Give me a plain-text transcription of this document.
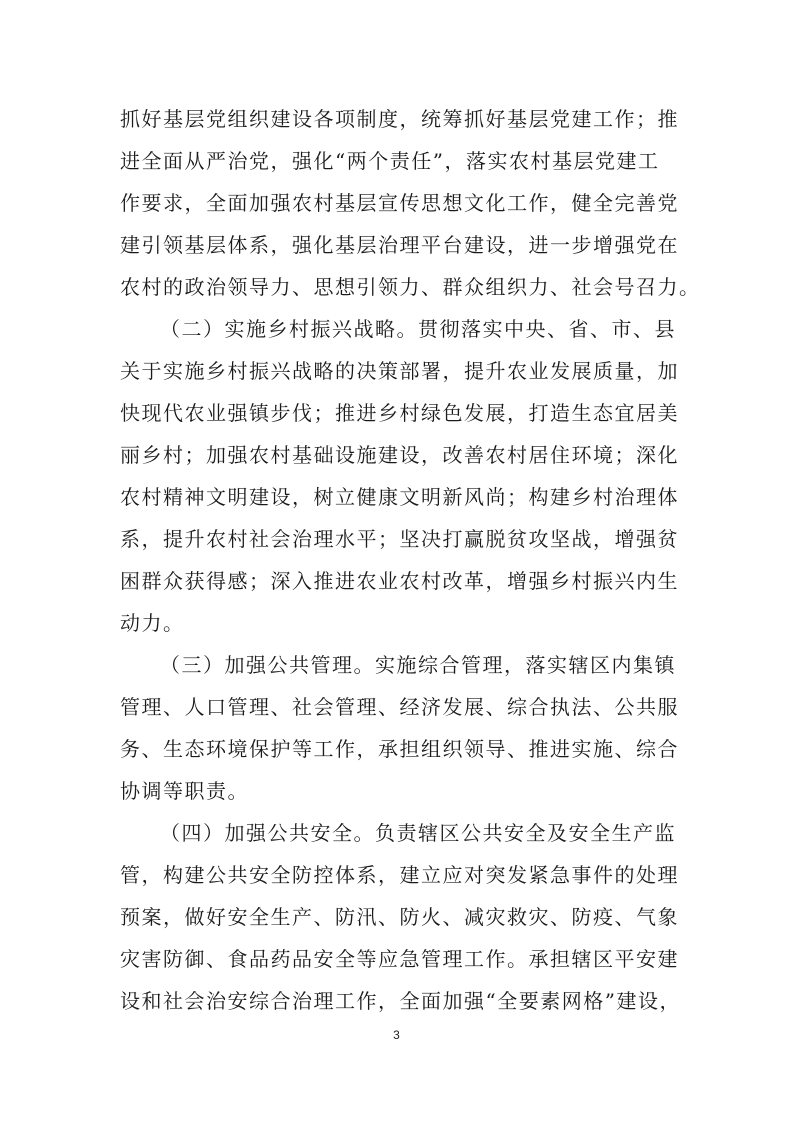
抓好基层党组织建设各项制度，统筹抓好基层党建工作；推
进全面从严治党，强化“两个责任”，落实农村基层党建工
作要求，全面加强农村基层宣传思想文化工作，健全完善党
建引领基层体系，强化基层治理平台建设，进一步增强党在
农村的政治领导力、思想引领力、群众组织力、社会号召力。
（二）实施乡村振兴战略。贯彻落实中央、省、市、县
关于实施乡村振兴战略的决策部署，提升农业发展质量，加
快现代农业强镇步伐；推进乡村绿色发展，打造生态宜居美
丽乡村；加强农村基础设施建设，改善农村居住环境；深化
农村精神文明建设，树立健康文明新风尚；构建乡村治理体
系，提升农村社会治理水平；坚决打赢脱贫攻坚战，增强贫
困群众获得感；深入推进农业农村改革，增强乡村振兴内生
动力。
（三）加强公共管理。实施综合管理，落实辖区内集镇
管理、人口管理、社会管理、经济发展、综合执法、公共服
务、生态环境保护等工作，承担组织领导、推进实施、综合
协调等职责。
（四）加强公共安全。负责辖区公共安全及安全生产监
管，构建公共安全防控体系，建立应对突发紧急事件的处理
预案，做好安全生产、防汛、防火、减灾救灾、防疫、气象
灾害防御、食品药品安全等应急管理工作。承担辖区平安建
设和社会治安综合治理工作，全面加强“全要素网格”建设，
3
